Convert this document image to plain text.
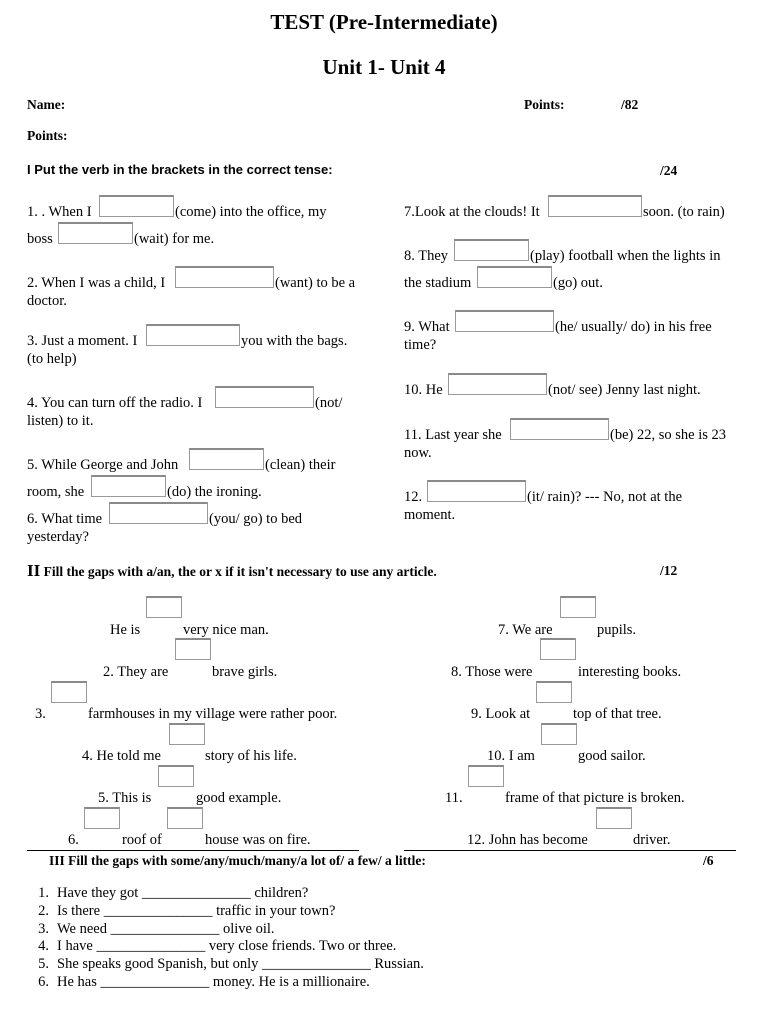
TEST (Pre-Intermediate)
Unit 1- Unit 4
Name:	Points:	/82
Points:
I Put the verb in the brackets in the correct tense:	/24
1. . When I	(come) into the office, my
boss	(wait) for me.
2. When I was a child, I	(want) to be a
doctor.
3. Just a moment. I	you with the bags.
(to help)
4. You can turn off the radio. I	(not/
listen) to it.
5. While George and John	(clean) their
room, she	(do) the ironing.
6. What time	(you/ go) to bed
yesterday?
7.Look at the clouds! It	soon. (to rain)
8. They	(play) football when the lights in
the stadium	(go) out.
9. What	(he/ usually/ do) in his free
time?
10. He	(not/ see) Jenny last night.
11. Last year she	(be) 22, so she is 23
now.
12.	(it/ rain)? --- No, not at the
moment.
II Fill the gaps with a/an, the or x if it isn't necessary to use any article.	/12
He is	very nice man.
2. They are	brave girls.
3.	farmhouses in my village were rather poor.
4. He told me	story of his life.
5. This is	good example.
6.	roof of	house was on fire.
7. We are	pupils.
8. Those were	interesting books.
9. Look at	top of that tree.
10. I am	good sailor.
11.	frame of that picture is broken.
12. John has become	driver.
III Fill the gaps with some/any/much/many/a lot of/ a few/ a little:	/6
1. Have they got _______________ children?
2. Is there _______________ traffic in your town?
3. We need _______________ olive oil.
4. I have _______________ very close friends. Two or three.
5. She speaks good Spanish, but only _______________ Russian.
6. He has _______________ money. He is a millionaire.
